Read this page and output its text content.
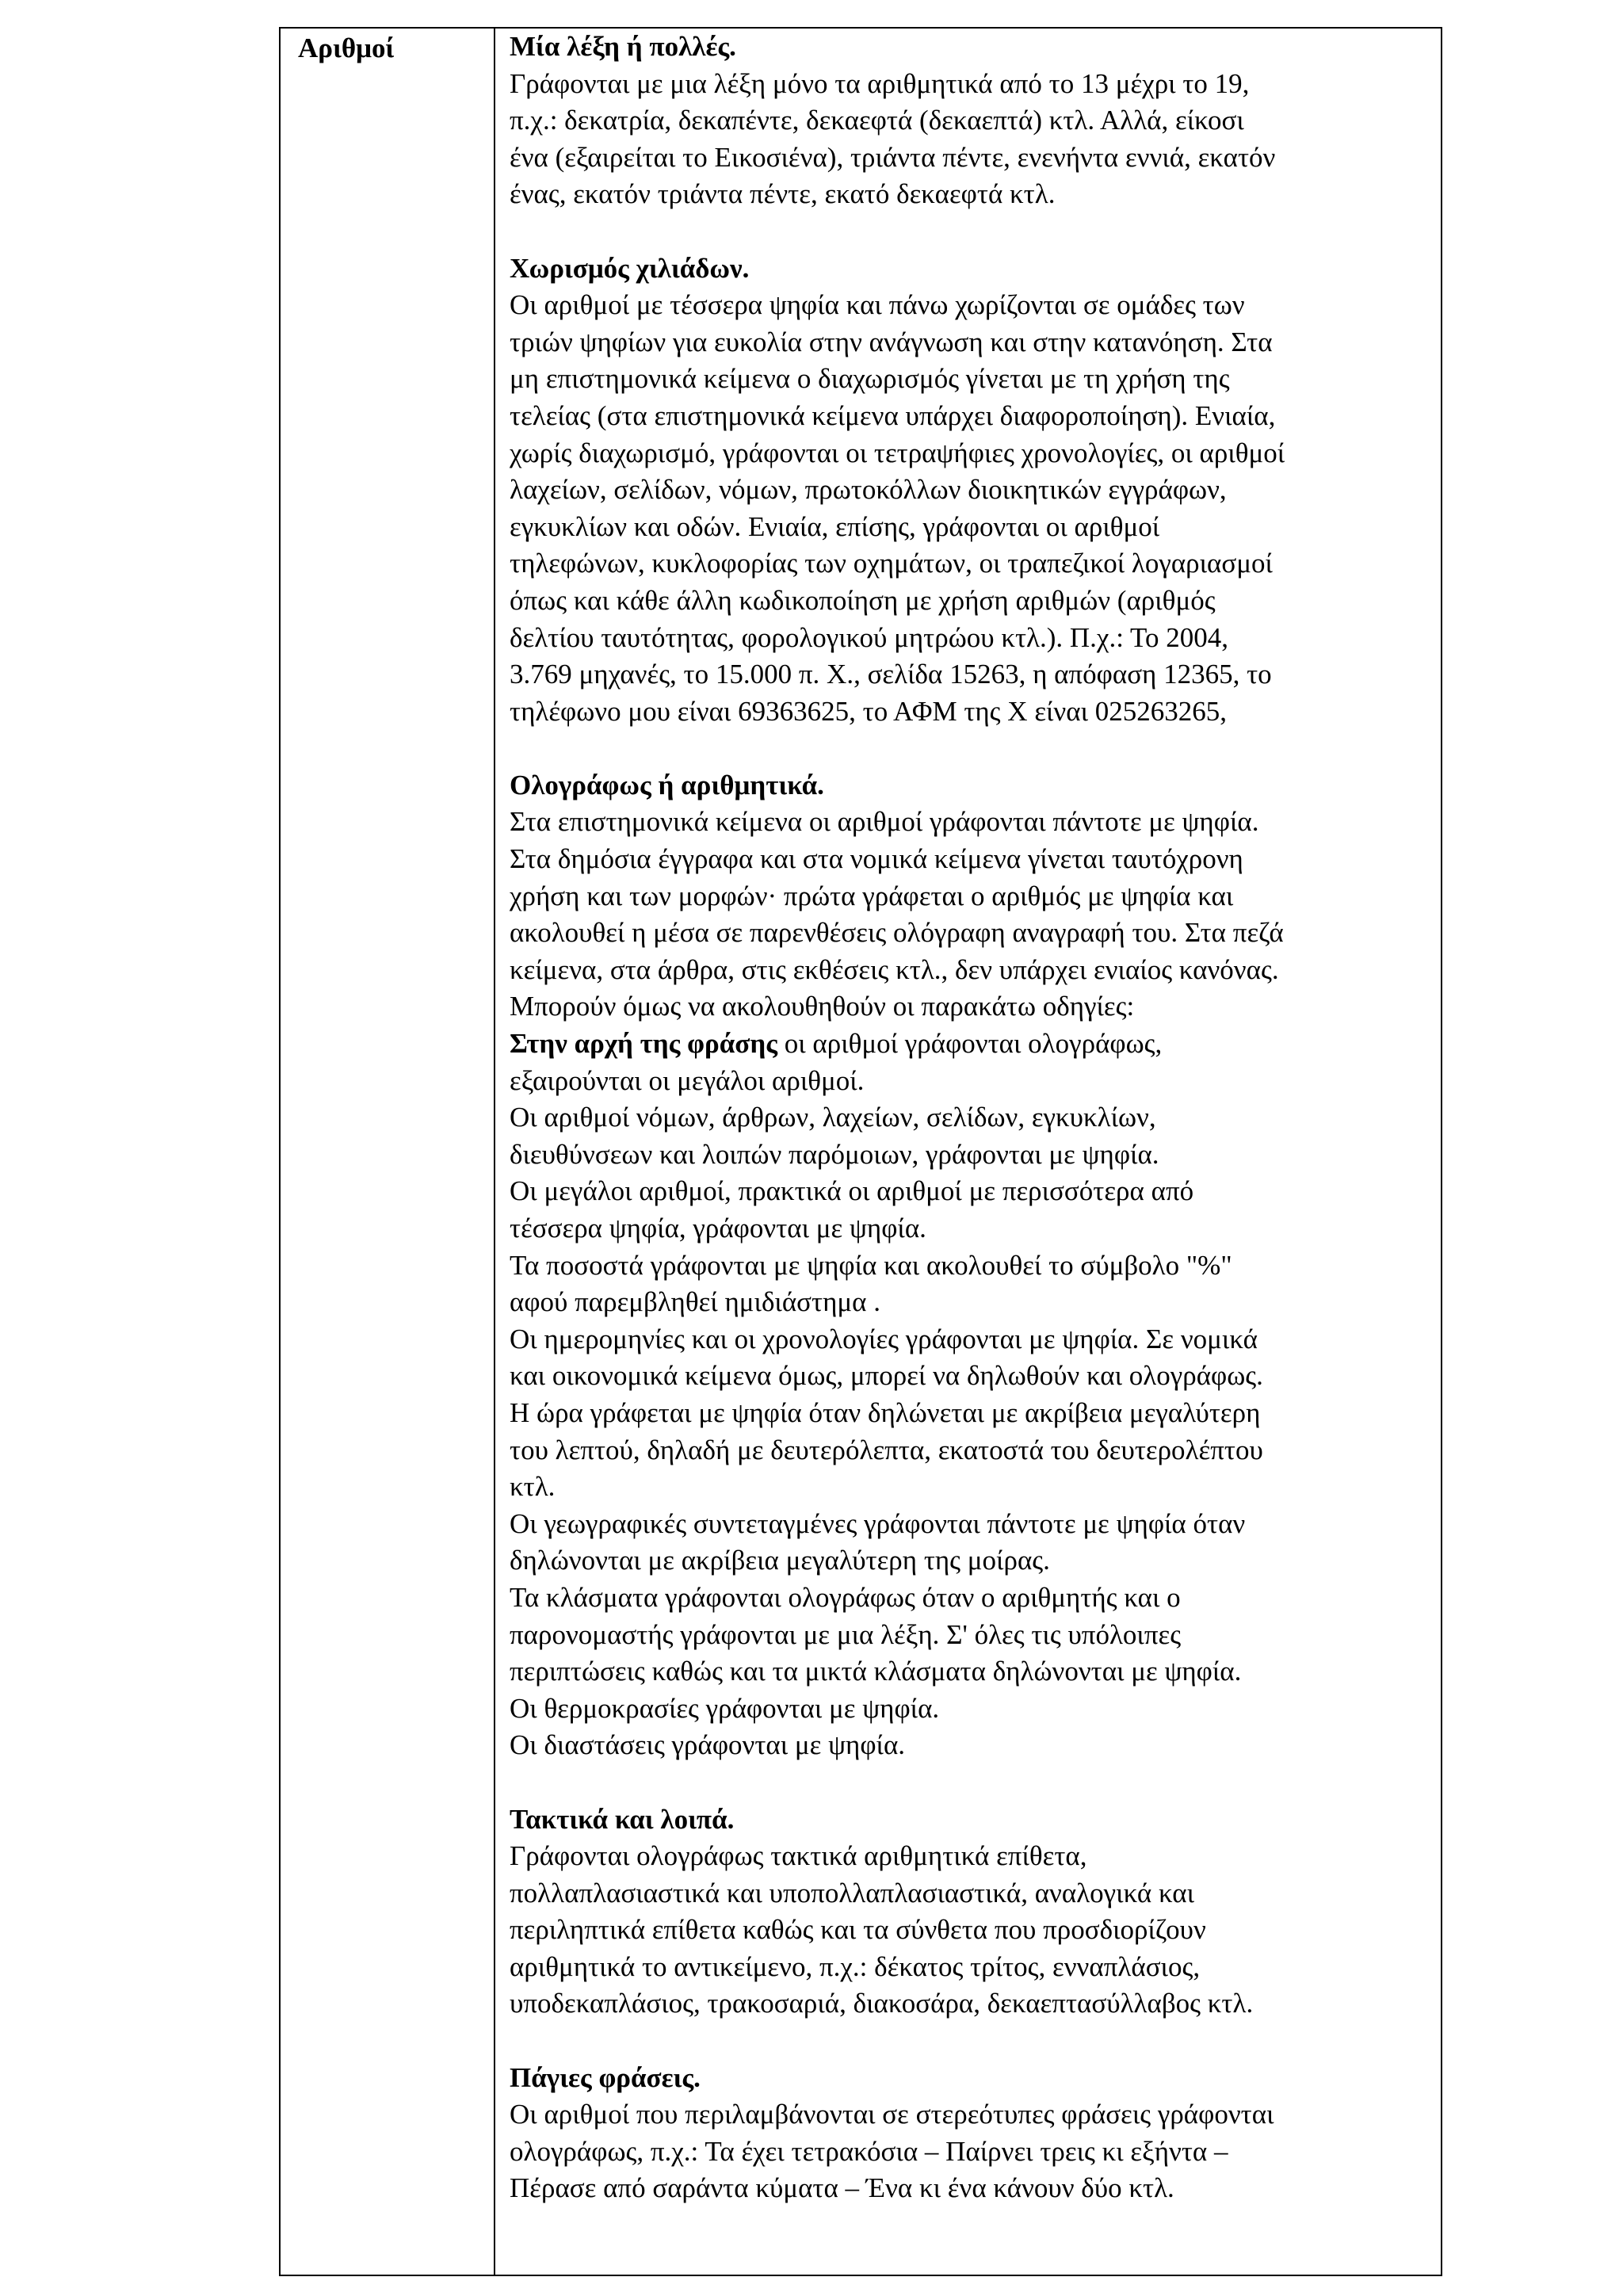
Αριθμοί	Μία λέξη ή πολλές.
Γράφονται με μια λέξη μόνο τα αριθμητικά από το 13 μέχρι το 19,
π.χ.: δεκατρία, δεκαπέντε, δεκαεφτά (δεκαεπτά) κτλ. Αλλά, είκοσι
ένα (εξαιρείται το Εικοσιένα), τριάντα πέντε, ενενήντα εννιά, εκατόν
ένας, εκατόν τριάντα πέντε, εκατό δεκαεφτά κτλ.
Χωρισμός χιλιάδων.
Οι αριθμοί με τέσσερα ψηφία και πάνω χωρίζονται σε ομάδες των
τριών ψηφίων για ευκολία στην ανάγνωση και στην κατανόηση. Στα
μη επιστημονικά κείμενα ο διαχωρισμός γίνεται με τη χρήση της
τελείας (στα επιστημονικά κείμενα υπάρχει διαφοροποίηση). Ενιαία,
χωρίς διαχωρισμό, γράφονται οι τετραψήφιες χρονολογίες, οι αριθμοί
λαχείων, σελίδων, νόμων, πρωτοκόλλων διοικητικών εγγράφων,
εγκυκλίων και οδών. Ενιαία, επίσης, γράφονται οι αριθμοί
τηλεφώνων, κυκλοφορίας των οχημάτων, οι τραπεζικοί λογαριασμοί
όπως και κάθε άλλη κωδικοποίηση με χρήση αριθμών (αριθμός
δελτίου ταυτότητας, φορολογικού μητρώου κτλ.). Π.χ.: Το 2004,
3.769 μηχανές, το 15.000 π. Χ., σελίδα 15263, η απόφαση 12365, το
τηλέφωνο μου είναι 69363625, το ΑΦΜ της Χ είναι 025263265,
Ολογράφως ή αριθμητικά.
Στα επιστημονικά κείμενα οι αριθμοί γράφονται πάντοτε με ψηφία.
Στα δημόσια έγγραφα και στα νομικά κείμενα γίνεται ταυτόχρονη
χρήση και των μορφών· πρώτα γράφεται ο αριθμός με ψηφία και
ακολουθεί η μέσα σε παρενθέσεις ολόγραφη αναγραφή του. Στα πεζά
κείμενα, στα άρθρα, στις εκθέσεις κτλ., δεν υπάρχει ενιαίος κανόνας.
Μπορούν όμως να ακολουθηθούν οι παρακάτω οδηγίες:
Στην αρχή της φράσης οι αριθμοί γράφονται ολογράφως,
εξαιρούνται οι μεγάλοι αριθμοί.
Οι αριθμοί νόμων, άρθρων, λαχείων, σελίδων, εγκυκλίων,
διευθύνσεων και λοιπών παρόμοιων, γράφονται με ψηφία.
Οι μεγάλοι αριθμοί, πρακτικά οι αριθμοί με περισσότερα από
τέσσερα ψηφία, γράφονται με ψηφία.
Τα ποσοστά γράφονται με ψηφία και ακολουθεί το σύμβολο "%"
αφού παρεμβληθεί ημιδιάστημα .
Οι ημερομηνίες και οι χρονολογίες γράφονται με ψηφία. Σε νομικά
και οικονομικά κείμενα όμως, μπορεί να δηλωθούν και ολογράφως.
Η ώρα γράφεται με ψηφία όταν δηλώνεται με ακρίβεια μεγαλύτερη
του λεπτού, δηλαδή με δευτερόλεπτα, εκατοστά του δευτερολέπτου
κτλ.
Οι γεωγραφικές συντεταγμένες γράφονται πάντοτε με ψηφία όταν
δηλώνονται με ακρίβεια μεγαλύτερη της μοίρας.
Τα κλάσματα γράφονται ολογράφως όταν ο αριθμητής και ο
παρονομαστής γράφονται με μια λέξη. Σ' όλες τις υπόλοιπες
περιπτώσεις καθώς και τα μικτά κλάσματα δηλώνονται με ψηφία.
Οι θερμοκρασίες γράφονται με ψηφία.
Οι διαστάσεις γράφονται με ψηφία.
Τακτικά και λοιπά.
Γράφονται ολογράφως τακτικά αριθμητικά επίθετα,
πολλαπλασιαστικά και υποπολλαπλασιαστικά, αναλογικά και
περιληπτικά επίθετα καθώς και τα σύνθετα που προσδιορίζουν
αριθμητικά το αντικείμενο, π.χ.: δέκατος τρίτος, ενναπλάσιος,
υποδεκαπλάσιος, τρακοσαριά, διακοσάρα, δεκαεπτασύλλαβος κτλ.
Πάγιες φράσεις.
Οι αριθμοί που περιλαμβάνονται σε στερεότυπες φράσεις γράφονται
ολογράφως, π.χ.: Τα έχει τετρακόσια – Παίρνει τρεις κι εξήντα –
Πέρασε από σαράντα κύματα – Ένα κι ένα κάνουν δύο κτλ.
